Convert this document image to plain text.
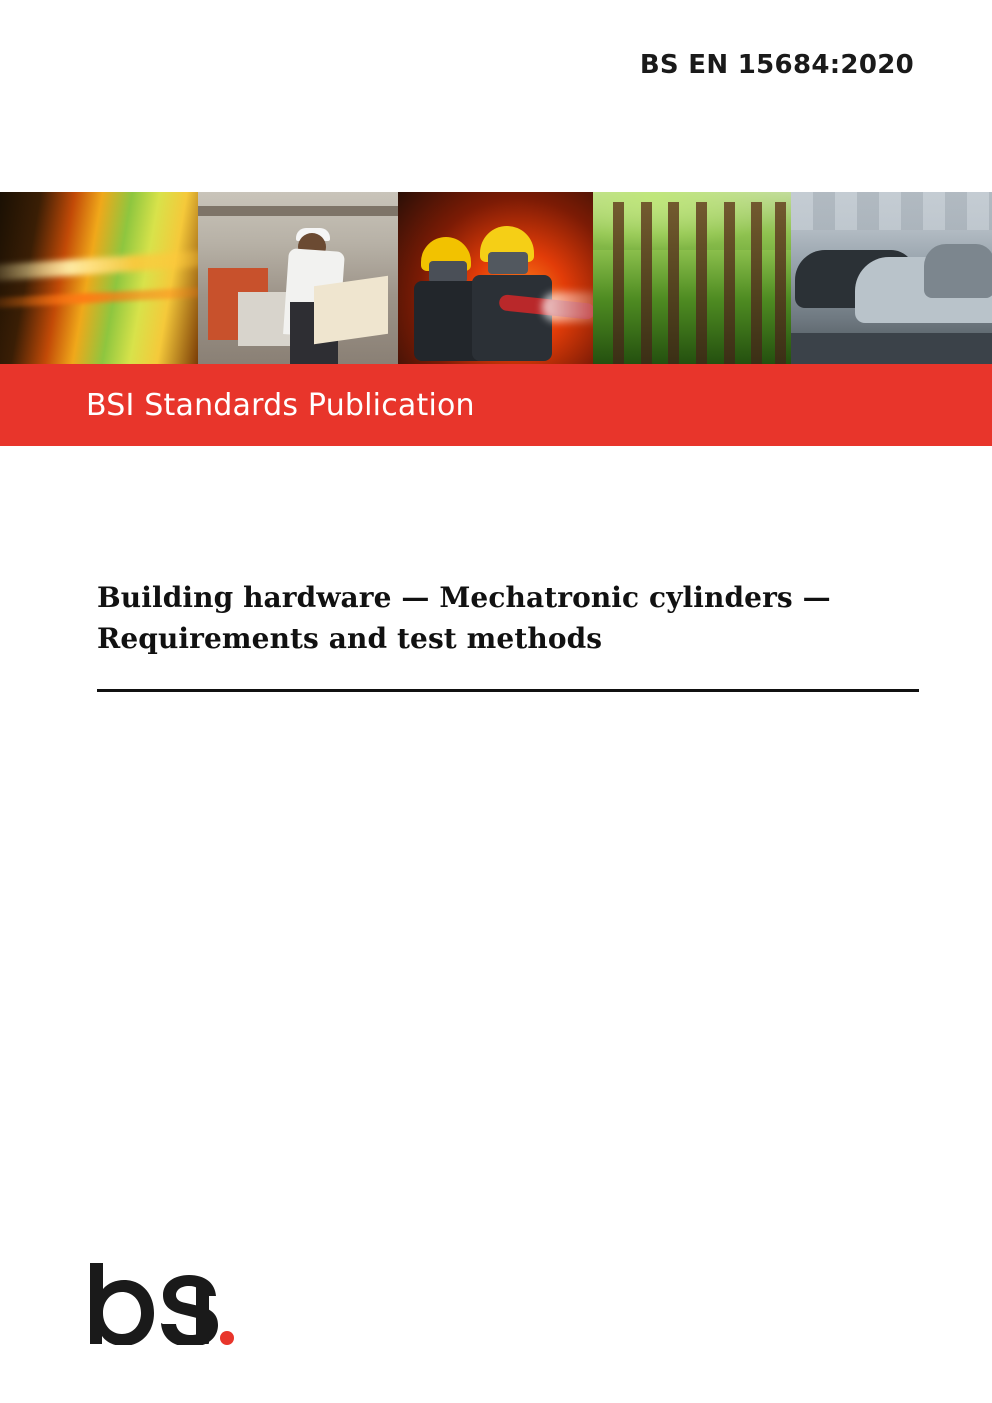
BS EN 15684:2020
BSI Standards Publication
Building hardware — Mechatronic cylinders — Requirements and test methods
